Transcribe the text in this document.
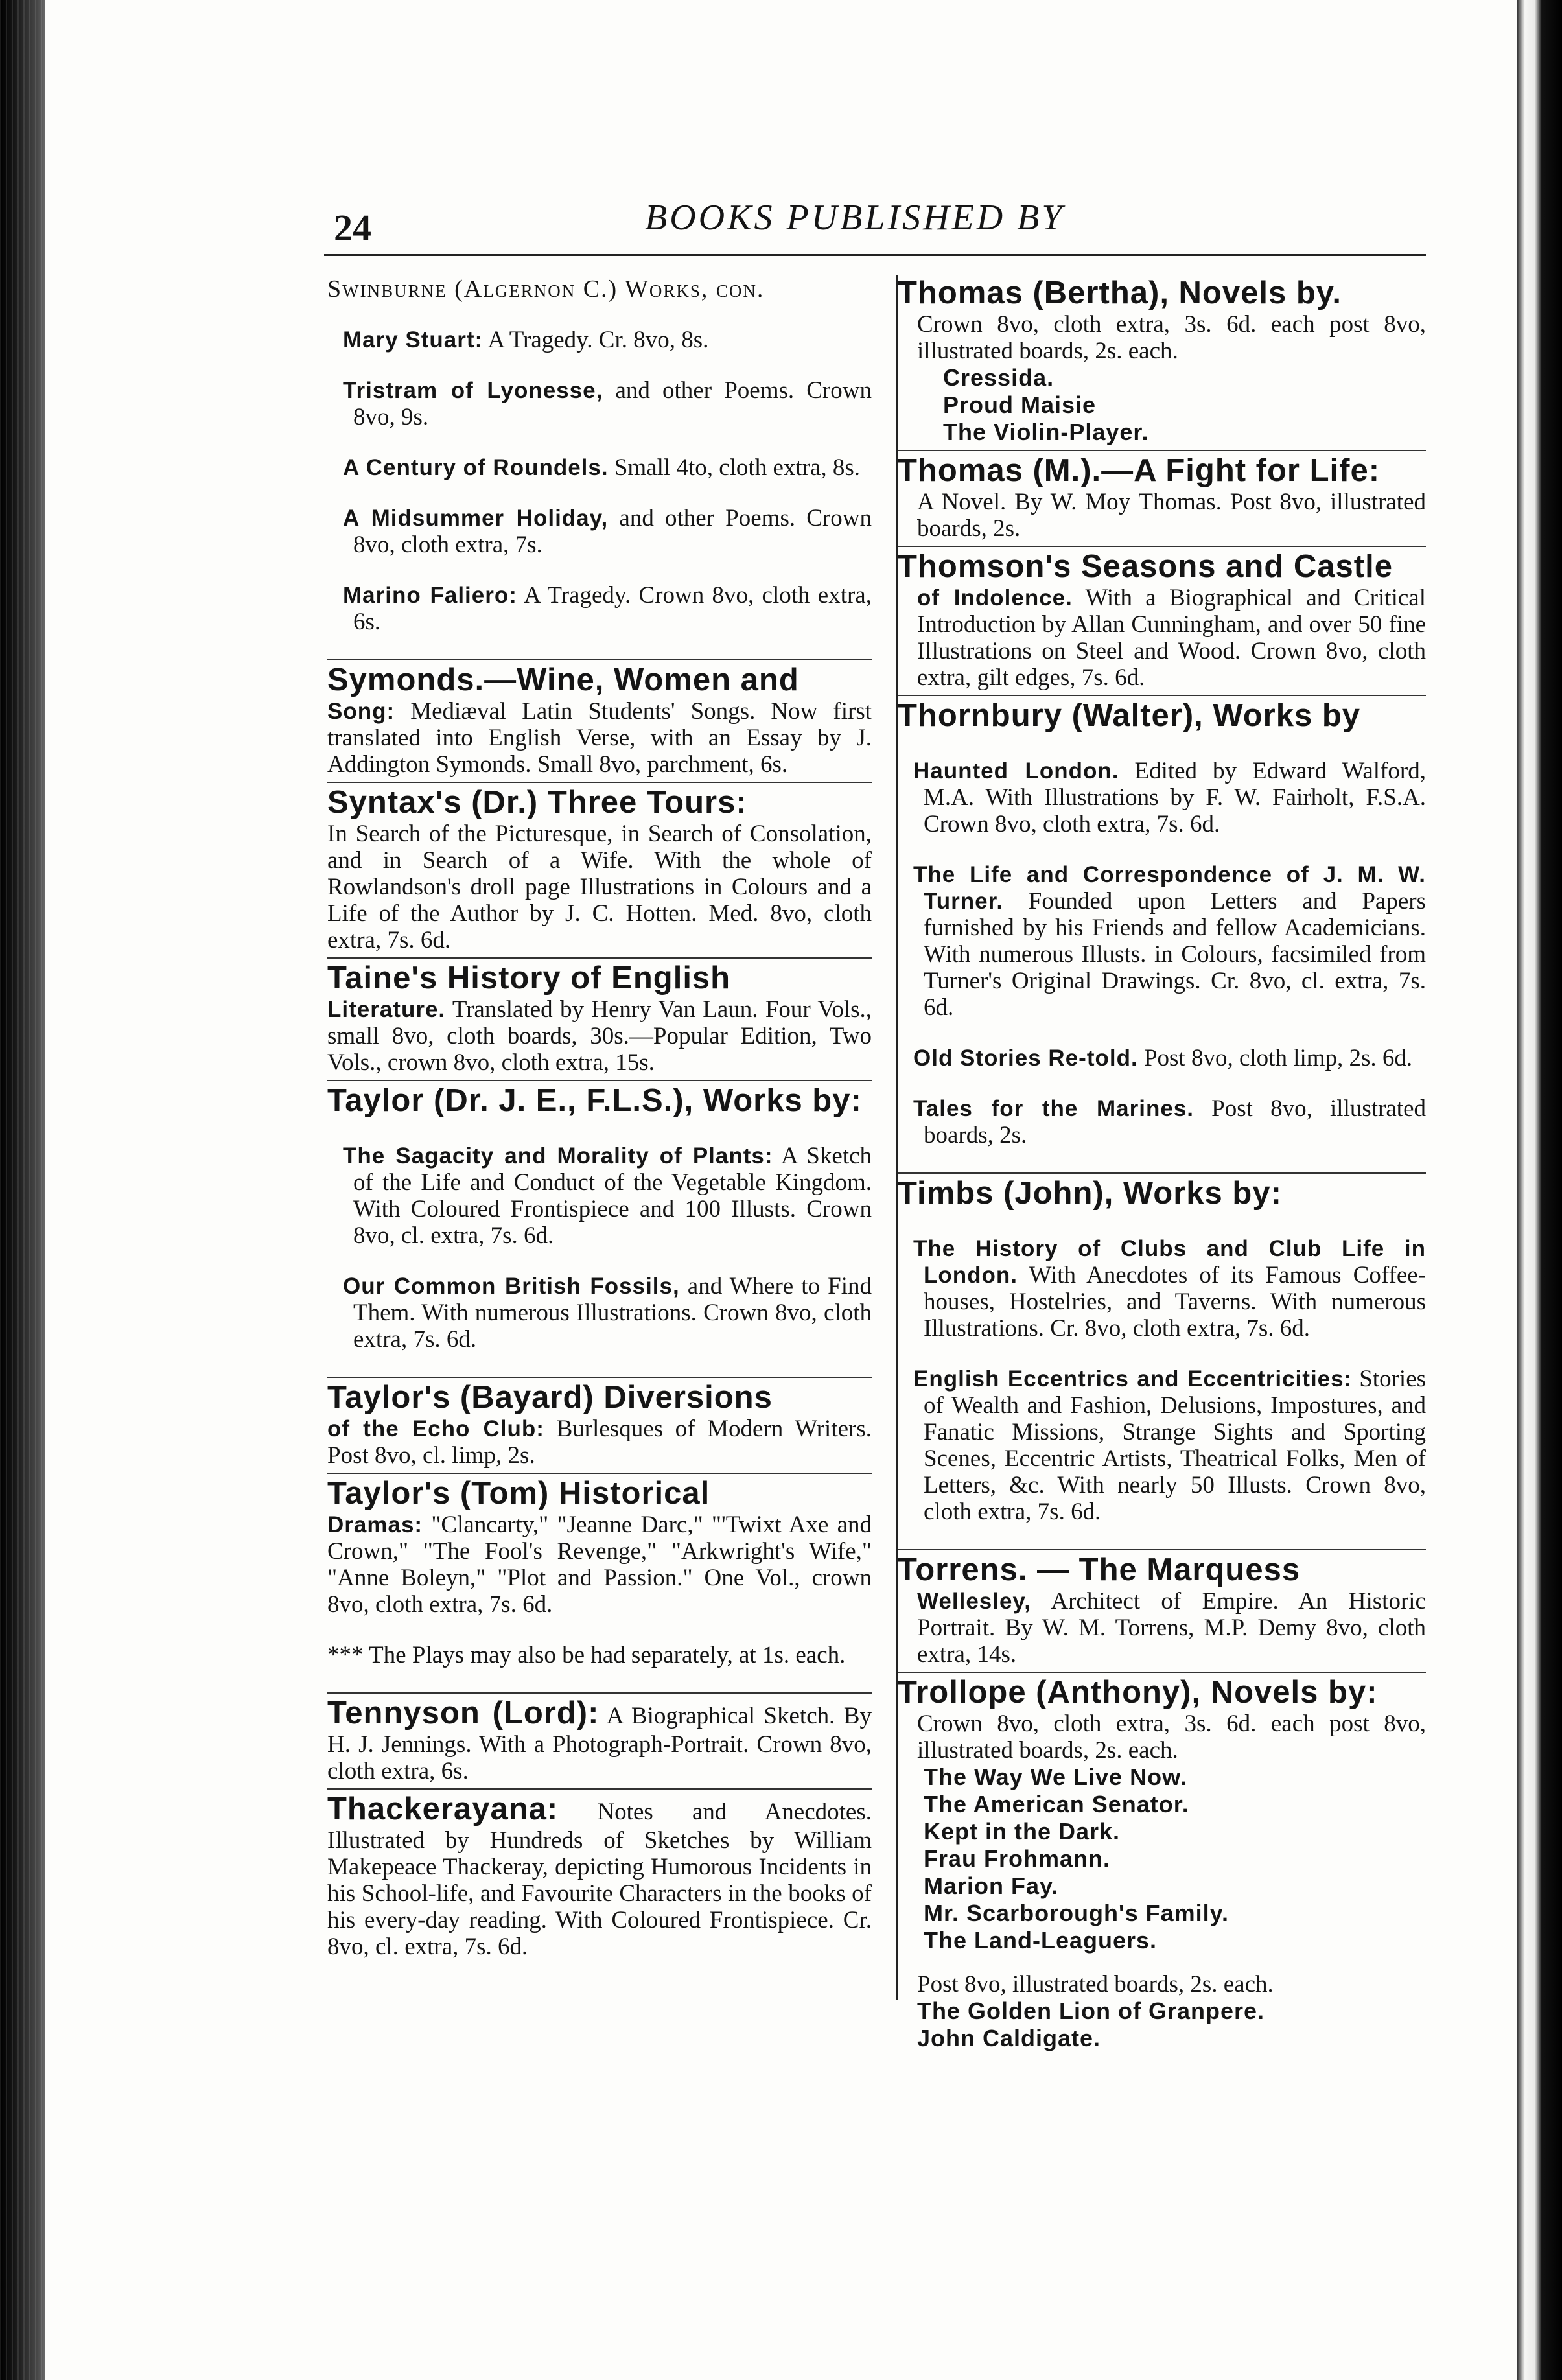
24	BOOKS PUBLISHED BY
Swinburne (Algernon C.) Works, con.

Mary Stuart: A Tragedy. Cr. 8vo, 8s.

Tristram of Lyonesse, and other Poems. Crown 8vo, 9s.

A Century of Roundels. Small 4to, cloth extra, 8s.

A Midsummer Holiday, and other Poems. Crown 8vo, cloth extra, 7s.

Marino Faliero: A Tragedy. Crown 8vo, cloth extra, 6s.

Symonds.—Wine, Women and

Song: Mediæval Latin Students' Songs. Now first translated into English Verse, with an Essay by J. Addington Symonds. Small 8vo, parchment, 6s.

Syntax's (Dr.) Three Tours:

In Search of the Picturesque, in Search of Consolation, and in Search of a Wife. With the whole of Rowlandson's droll page Illustrations in Colours and a Life of the Author by J. C. Hotten. Med. 8vo, cloth extra, 7s. 6d.

Taine's History of English

Literature. Translated by Henry Van Laun. Four Vols., small 8vo, cloth boards, 30s.—Popular Edition, Two Vols., crown 8vo, cloth extra, 15s.

Taylor (Dr. J. E., F.L.S.), Works by:

The Sagacity and Morality of Plants: A Sketch of the Life and Conduct of the Vegetable Kingdom. With Coloured Frontispiece and 100 Illusts. Crown 8vo, cl. extra, 7s. 6d.

Our Common British Fossils, and Where to Find Them. With numerous Illustrations. Crown 8vo, cloth extra, 7s. 6d.

Taylor's (Bayard) Diversions

of the Echo Club: Burlesques of Modern Writers. Post 8vo, cl. limp, 2s.

Taylor's (Tom) Historical

Dramas: "Clancarty," "Jeanne Darc," "'Twixt Axe and Crown," "The Fool's Revenge," "Arkwright's Wife," "Anne Boleyn," "Plot and Passion." One Vol., crown 8vo, cloth extra, 7s. 6d.

*** The Plays may also be had separately, at 1s. each.

Tennyson (Lord): A Biographical Sketch. By H. J. Jennings. With a Photograph-Portrait. Crown 8vo, cloth extra, 6s.

Thackerayana: Notes and Anecdotes. Illustrated by Hundreds of Sketches by William Makepeace Thackeray, depicting Humorous Incidents in his School-life, and Favourite Characters in the books of his every-day reading. With Coloured Frontispiece. Cr. 8vo, cl. extra, 7s. 6d.

Thomas (Bertha), Novels by.

Crown 8vo, cloth extra, 3s. 6d. each post 8vo, illustrated boards, 2s. each.

Cressida.
Proud Maisie
The Violin-Player.
Thomas (M.).—A Fight for Life:

A Novel. By W. Moy Thomas. Post 8vo, illustrated boards, 2s.

Thomson's Seasons and Castle

of Indolence. With a Biographical and Critical Introduction by Allan Cunningham, and over 50 fine Illustrations on Steel and Wood. Crown 8vo, cloth extra, gilt edges, 7s. 6d.

Thornbury (Walter), Works by

Haunted London. Edited by Edward Walford, M.A. With Illustrations by F. W. Fairholt, F.S.A. Crown 8vo, cloth extra, 7s. 6d.

The Life and Correspondence of J. M. W. Turner. Founded upon Letters and Papers furnished by his Friends and fellow Academicians. With numerous Illusts. in Colours, facsimiled from Turner's Original Drawings. Cr. 8vo, cl. extra, 7s. 6d.

Old Stories Re-told. Post 8vo, cloth limp, 2s. 6d.

Tales for the Marines. Post 8vo, illustrated boards, 2s.

Timbs (John), Works by:

The History of Clubs and Club Life in London. With Anecdotes of its Famous Coffee-houses, Hostelries, and Taverns. With numerous Illustrations. Cr. 8vo, cloth extra, 7s. 6d.

English Eccentrics and Eccentricities: Stories of Wealth and Fashion, Delusions, Impostures, and Fanatic Missions, Strange Sights and Sporting Scenes, Eccentric Artists, Theatrical Folks, Men of Letters, &c. With nearly 50 Illusts. Crown 8vo, cloth extra, 7s. 6d.

Torrens. — The Marquess

Wellesley, Architect of Empire. An Historic Portrait. By W. M. Torrens, M.P. Demy 8vo, cloth extra, 14s.

Trollope (Anthony), Novels by:

Crown 8vo, cloth extra, 3s. 6d. each post 8vo, illustrated boards, 2s. each.

The Way We Live Now.
The American Senator.
Kept in the Dark.
Frau Frohmann.
Marion Fay.
Mr. Scarborough's Family.
The Land-Leaguers.

Post 8vo, illustrated boards, 2s. each.

The Golden Lion of Granpere.
John Caldigate.
